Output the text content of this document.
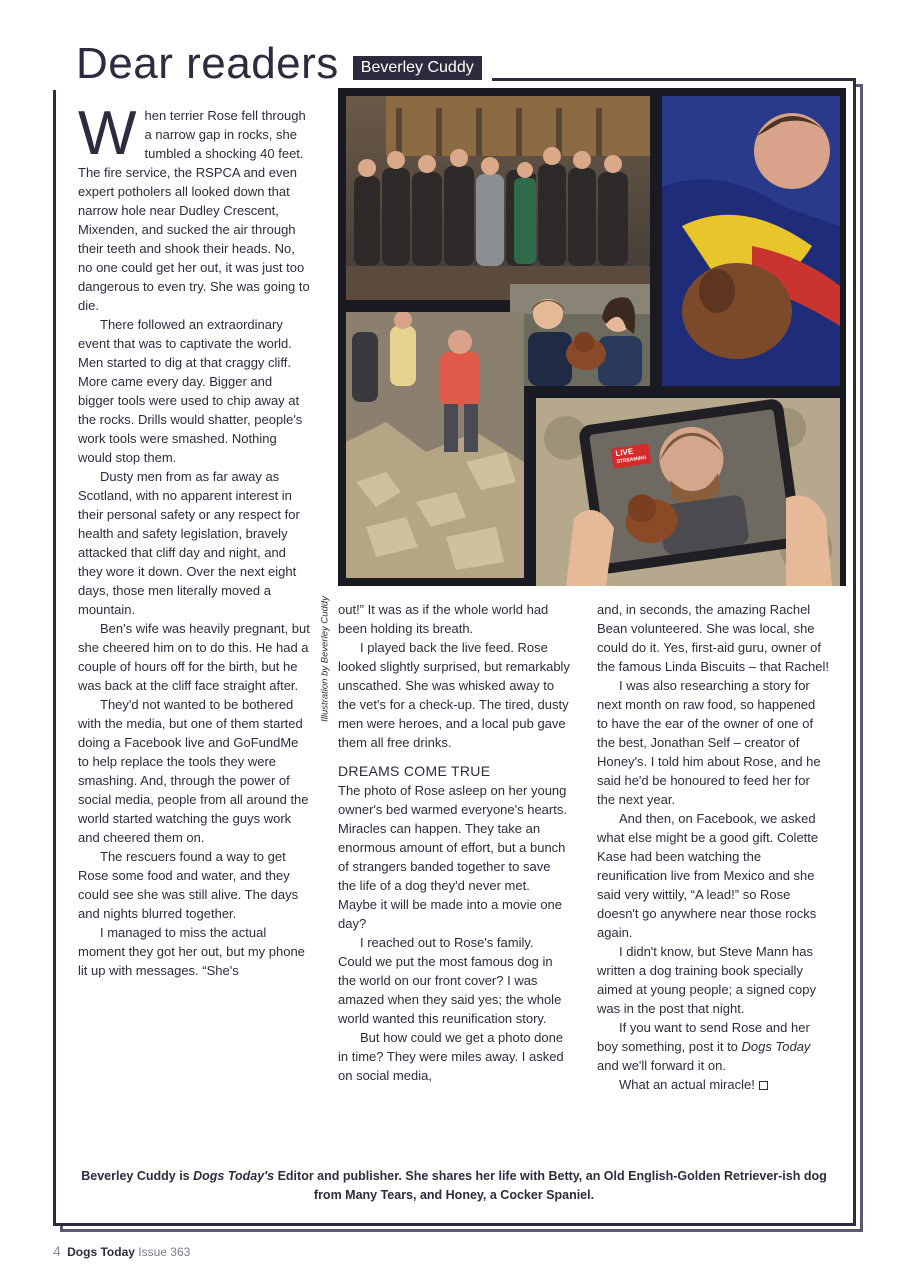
Dear readers	Beverley Cuddy

When terrier Rose fell through a narrow gap in rocks, she tumbled a shocking 40 feet. The fire service, the RSPCA and even expert potholers all looked down that narrow hole near Dudley Crescent, Mixenden, and sucked the air through their teeth and shook their heads. No, no one could get her out, it was just too dangerous to even try. She was going to die.

There followed an extraordinary event that was to captivate the world. Men started to dig at that craggy cliff. More came every day. Bigger and bigger tools were used to chip away at the rocks. Drills would shatter, people's work tools were smashed. Nothing would stop them.

Dusty men from as far away as Scotland, with no apparent interest in their personal safety or any respect for health and safety legislation, bravely attacked that cliff day and night, and they wore it down. Over the next eight days, those men literally moved a mountain.

Ben's wife was heavily pregnant, but she cheered him on to do this. He had a couple of hours off for the birth, but he was back at the cliff face straight after.

They'd not wanted to be bothered with the media, but one of them started doing a Facebook live and GoFundMe to help replace the tools they were smashing. And, through the power of social media, people from all around the world started watching the guys work and cheered them on.

The rescuers found a way to get Rose some food and water, and they could see she was still alive. The days and nights blurred together.

I managed to miss the actual moment they got her out, but my phone lit up with messages. “She's

out!” It was as if the whole world had been holding its breath.

I played back the live feed. Rose looked slightly surprised, but remarkably unscathed. She was whisked away to the vet's for a check-up. The tired, dusty men were heroes, and a local pub gave them all free drinks.

DREAMS COME TRUE

The photo of Rose asleep on her young owner's bed warmed everyone's hearts. Miracles can happen. They take an enormous amount of effort, but a bunch of strangers banded together to save the life of a dog they'd never met. Maybe it will be made into a movie one day?

I reached out to Rose's family. Could we put the most famous dog in the world on our front cover? I was amazed when they said yes; the whole world wanted this reunification story.

But how could we get a photo done in time? They were miles away. I asked on social media,

and, in seconds, the amazing Rachel Bean volunteered. She was local, she could do it. Yes, first-aid guru, owner of the famous Linda Biscuits – that Rachel!

I was also researching a story for next month on raw food, so happened to have the ear of the owner of one of the best, Jonathan Self – creator of Honey's. I told him about Rose, and he said he'd be honoured to feed her for the next year.

And then, on Facebook, we asked what else might be a good gift. Colette Kase had been watching the reunification live from Mexico and she said very wittily, “A lead!” so Rose doesn't go anywhere near those rocks again.

I didn't know, but Steve Mann has written a dog training book specially aimed at young people; a signed copy was in the post that night.

If you want to send Rose and her boy something, post it to Dogs Today and we'll forward it on.

What an actual miracle!

Illustration by Beverley Cuddy
LIVE
STREAMING
Beverley Cuddy is Dogs Today's Editor and publisher. She shares her life with Betty, an Old English-Golden Retriever-ish dog from Many Tears, and Honey, a Cocker Spaniel.
4 Dogs Today Issue 363
